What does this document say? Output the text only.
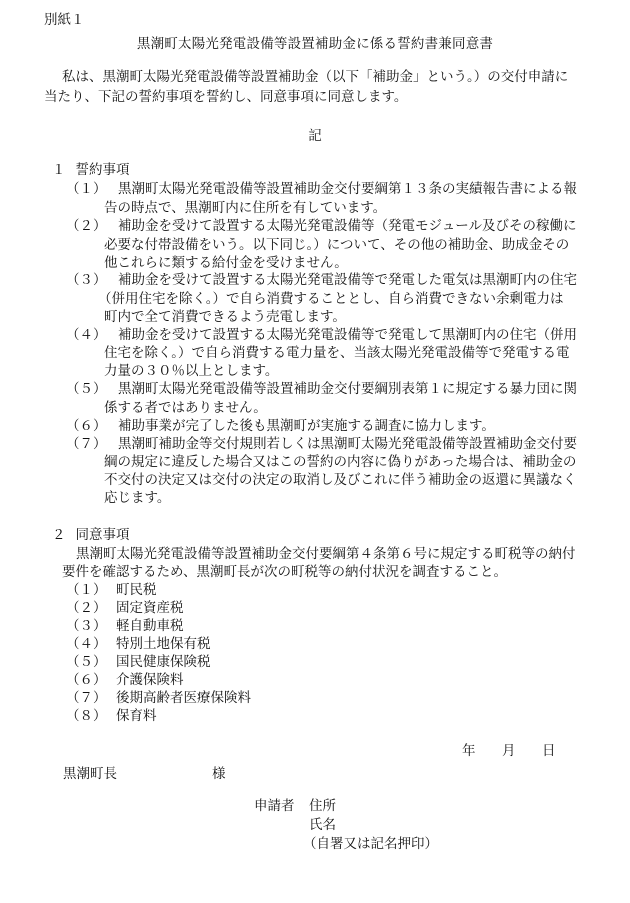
別紙１
黒潮町太陽光発電設備等設置補助金に係る誓約書兼同意書
私は、黒潮町太陽光発電設備等設置補助金（以下「補助金」という。）の交付申請に
当たり、下記の誓約事項を誓約し、同意事項に同意します。
記
１ 誓約事項
（１） 黒潮町太陽光発電設備等設置補助金交付要綱第１３条の実績報告書による報
告の時点で、黒潮町内に住所を有しています。
（２） 補助金を受けて設置する太陽光発電設備等（発電モジュール及びその稼働に
必要な付帯設備をいう。以下同じ。）について、その他の補助金、助成金その
他これらに類する給付金を受けません。
（３） 補助金を受けて設置する太陽光発電設備等で発電した電気は黒潮町内の住宅
（併用住宅を除く。）で自ら消費することとし、自ら消費できない余剰電力は
町内で全て消費できるよう売電します。
（４） 補助金を受けて設置する太陽光発電設備等で発電して黒潮町内の住宅（併用
住宅を除く。）で自ら消費する電力量を、当該太陽光発電設備等で発電する電
力量の３０％以上とします。
（５） 黒潮町太陽光発電設備等設置補助金交付要綱別表第１に規定する暴力団に関
係する者ではありません。
（６） 補助事業が完了した後も黒潮町が実施する調査に協力します。
（７） 黒潮町補助金等交付規則若しくは黒潮町太陽光発電設備等設置補助金交付要
綱の規定に違反した場合又はこの誓約の内容に偽りがあった場合は、補助金の
不交付の決定又は交付の決定の取消し及びこれに伴う補助金の返還に異議なく
応じます。
２ 同意事項
黒潮町太陽光発電設備等設置補助金交付要綱第４条第６号に規定する町税等の納付
要件を確認するため、黒潮町長が次の町税等の納付状況を調査すること。
（１） 町民税
（２） 固定資産税
（３） 軽自動車税
（４） 特別土地保有税
（５） 国民健康保険税
（６） 介護保険料
（７） 後期高齢者医療保険料
（８） 保育料
年 月 日
黒潮町長	様
申請者 住所
氏名
（自署又は記名押印）
